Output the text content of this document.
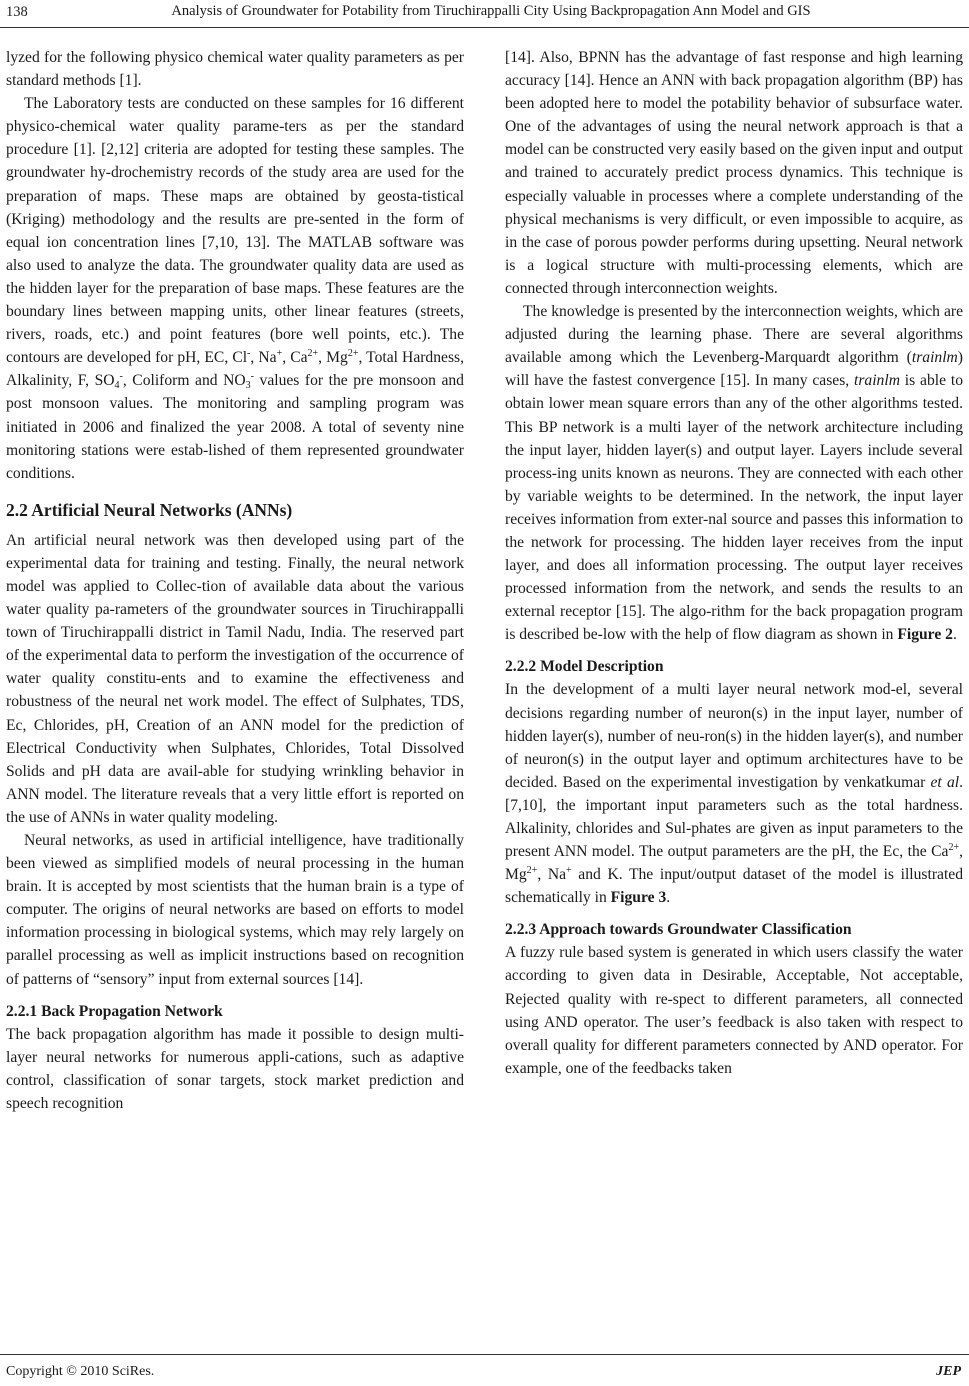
138	Analysis of Groundwater for Potability from Tiruchirappalli City Using Backpropagation Ann Model and GIS

lyzed for the following physico chemical water quality parameters as per standard methods [1].

The Laboratory tests are conducted on these samples for 16 different physico-chemical water quality parame-ters as per the standard procedure [1]. [2,12] criteria are adopted for testing these samples. The groundwater hy-drochemistry records of the study area are used for the preparation of maps. These maps are obtained by geosta-tistical (Kriging) methodology and the results are pre-sented in the form of equal ion concentration lines [7,10, 13]. The MATLAB software was also used to analyze the data. The groundwater quality data are used as the hidden layer for the preparation of base maps. These features are the boundary lines between mapping units, other linear features (streets, rivers, roads, etc.) and point features (bore well points, etc.). The contours are developed for pH, EC, Cl-, Na+, $Ca^{2+}$, $Mg^{2+}$, Total Hardness, Alkalinity, F, $SO_4^-$, Coliform and $NO_3^-$ values for the pre monsoon and post monsoon values. The monitoring and sampling program was initiated in 2006 and finalized the year 2008. A total of seventy nine monitoring stations were estab-lished of them represented groundwater conditions.

2.2 Artificial Neural Networks (ANNs)

An artificial neural network was then developed using part of the experimental data for training and testing. Finally, the neural network model was applied to Collec-tion of available data about the various water quality pa-rameters of the groundwater sources in Tiruchirappalli town of Tiruchirappalli district in Tamil Nadu, India. The reserved part of the experimental data to perform the investigation of the occurrence of water quality constitu-ents and to examine the effectiveness and robustness of the neural net work model. The effect of Sulphates, TDS, Ec, Chlorides, pH, Creation of an ANN model for the prediction of Electrical Conductivity when Sulphates, Chlorides, Total Dissolved Solids and pH data are avail-able for studying wrinkling behavior in ANN model. The literature reveals that a very little effort is reported on the use of ANNs in water quality modeling.

Neural networks, as used in artificial intelligence, have traditionally been viewed as simplified models of neural processing in the human brain. It is accepted by most scientists that the human brain is a type of computer. The origins of neural networks are based on efforts to model information processing in biological systems, which may rely largely on parallel processing as well as implicit instructions based on recognition of patterns of “sensory” input from external sources [14].

2.2.1 Back Propagation Network

The back propagation algorithm has made it possible to design multi-layer neural networks for numerous appli-cations, such as adaptive control, classification of sonar targets, stock market prediction and speech recognition

[14]. Also, BPNN has the advantage of fast response and high learning accuracy [14]. Hence an ANN with back propagation algorithm (BP) has been adopted here to model the potability behavior of subsurface water. One of the advantages of using the neural network approach is that a model can be constructed very easily based on the given input and output and trained to accurately predict process dynamics. This technique is especially valuable in processes where a complete understanding of the physical mechanisms is very difficult, or even impossible to acquire, as in the case of porous powder performs during upsetting. Neural network is a logical structure with multi-processing elements, which are connected through interconnection weights.

The knowledge is presented by the interconnection weights, which are adjusted during the learning phase. There are several algorithms available among which the Levenberg-Marquardt algorithm (trainlm) will have the fastest convergence [15]. In many cases, trainlm is able to obtain lower mean square errors than any of the other algorithms tested. This BP network is a multi layer of the network architecture including the input layer, hidden layer(s) and output layer. Layers include several process-ing units known as neurons. They are connected with each other by variable weights to be determined. In the network, the input layer receives information from exter-nal source and passes this information to the network for processing. The hidden layer receives from the input layer, and does all information processing. The output layer receives processed information from the network, and sends the results to an external receptor [15]. The algo-rithm for the back propagation program is described be-low with the help of flow diagram as shown in Figure 2.

2.2.2 Model Description

In the development of a multi layer neural network mod-el, several decisions regarding number of neuron(s) in the input layer, number of hidden layer(s), number of neu-ron(s) in the hidden layer(s), and number of neuron(s) in the output layer and optimum architectures have to be decided. Based on the experimental investigation by venkatkumar et al. [7,10], the important input parameters such as the total hardness. Alkalinity, chlorides and Sul-phates are given as input parameters to the present ANN model. The output parameters are the pH, the Ec, the $Ca^{2+}$, $Mg^{2+}$, Na+ and K. The input/output dataset of the model is illustrated schematically in Figure 3.

2.2.3 Approach towards Groundwater Classification

A fuzzy rule based system is generated in which users classify the water according to given data in Desirable, Acceptable, Not acceptable, Rejected quality with re-spect to different parameters, all connected using AND operator. The user’s feedback is also taken with respect to overall quality for different parameters connected by AND operator. For example, one of the feedbacks taken

Copyright © 2010 SciRes.	JEP
